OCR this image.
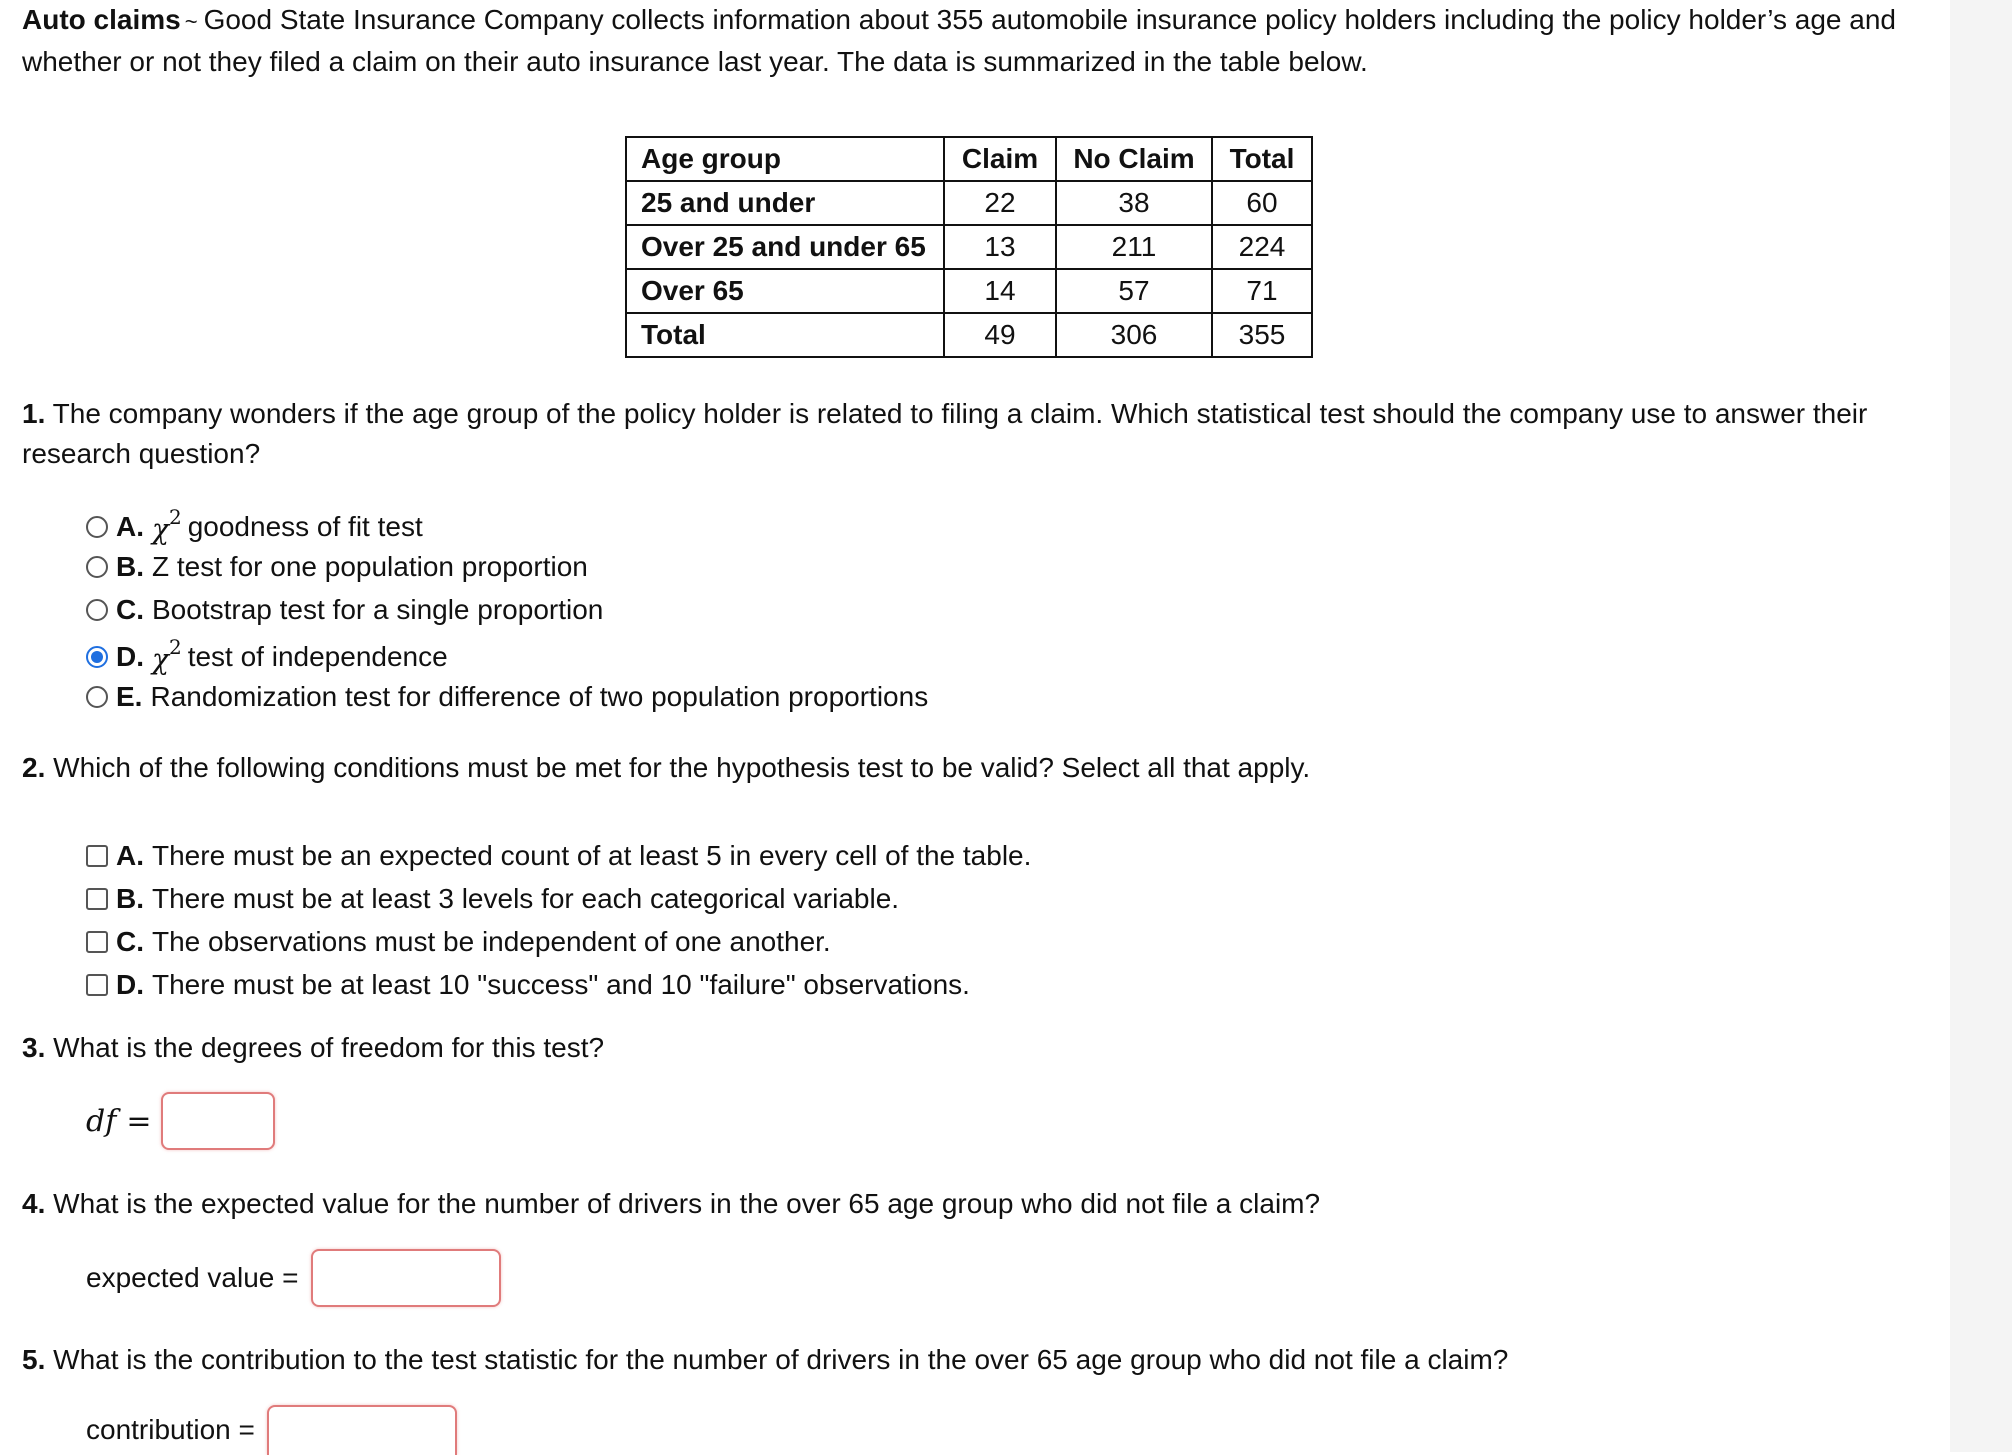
Auto claims ~ Good State Insurance Company collects information about 355 automobile insurance policy holders including the policy holder’s age and whether or not they filed a claim on their auto insurance last year. The data is summarized in the table below.
Age group	Claim	No Claim	Total
25 and under	22	38	60
Over 25 and under 65	13	211	224
Over 65	14	57	71
Total	49	306	355
1. The company wonders if the age group of the policy holder is related to filing a claim. Which statistical test should the company use to answer their research question?
A. $\chi^2$ goodness of fit test
B. Z test for one population proportion
C. Bootstrap test for a single proportion
D. $\chi^2$ test of independence
E. Randomization test for difference of two population proportions
2. Which of the following conditions must be met for the hypothesis test to be valid? Select all that apply.
A. There must be an expected count of at least 5 in every cell of the table.
B. There must be at least 3 levels for each categorical variable.
C. The observations must be independent of one another.
D. There must be at least 10 "success" and 10 "failure" observations.
3. What is the degrees of freedom for this test?
df =
4. What is the expected value for the number of drivers in the over 65 age group who did not file a claim?
expected value =
5. What is the contribution to the test statistic for the number of drivers in the over 65 age group who did not file a claim?
contribution =
